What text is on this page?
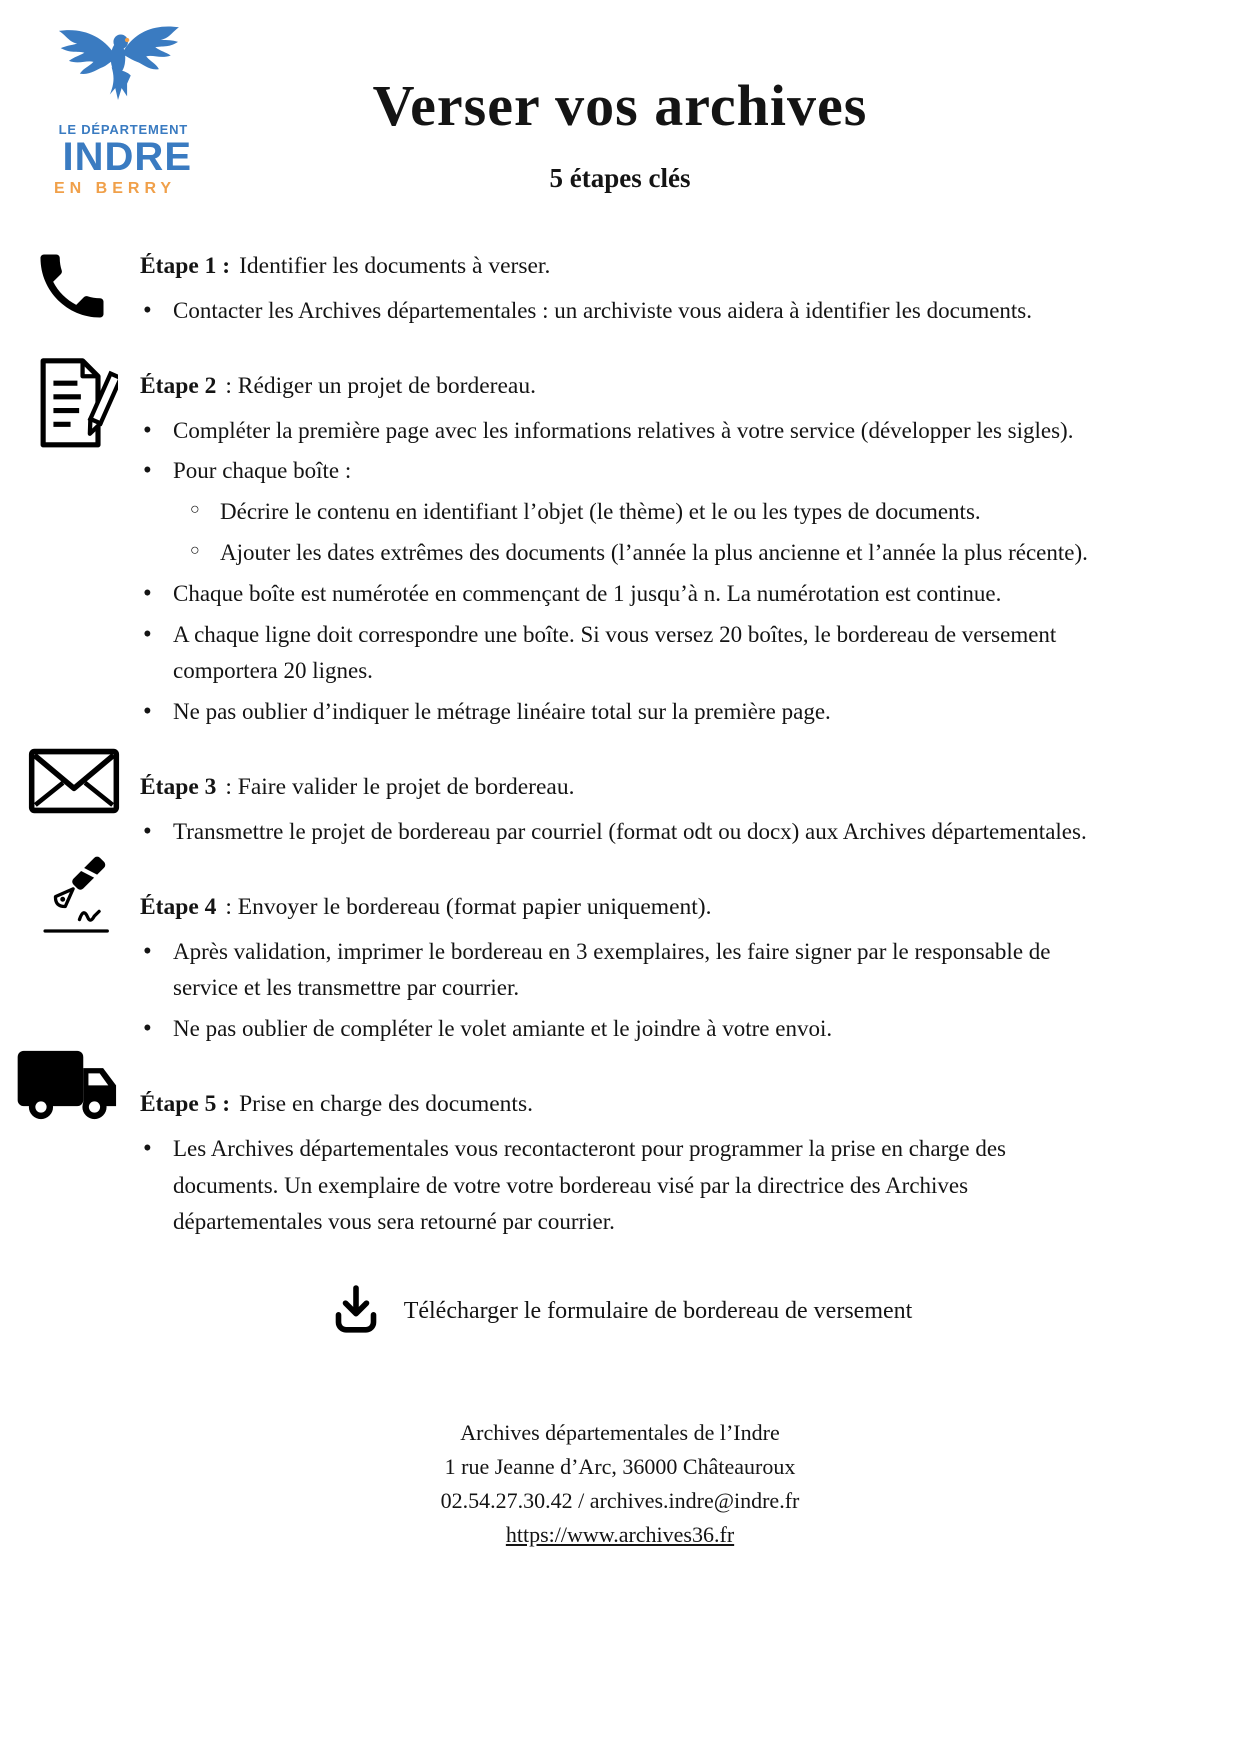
LE DÉPARTEMENT
INDRE
EN BERRY
Verser vos archives
5 étapes clés
Étape 1 : Identifier les documents à verser.
• Contacter les Archives départementales : un archiviste vous aidera à identifier les documents.
Étape 2 : Rédiger un projet de bordereau.
• Compléter la première page avec les informations relatives à votre service (développer les sigles).
• Pour chaque boîte :
○ Décrire le contenu en identifiant l’objet (le thème) et le ou les types de documents.
○ Ajouter les dates extrêmes des documents (l’année la plus ancienne et l’année la plus récente).
• Chaque boîte est numérotée en commençant de 1 jusqu’à n. La numérotation est continue.
• A chaque ligne doit correspondre une boîte. Si vous versez 20 boîtes, le bordereau de versement comportera 20 lignes.
• Ne pas oublier d’indiquer le métrage linéaire total sur la première page.
Étape 3 : Faire valider le projet de bordereau.
• Transmettre le projet de bordereau par courriel (format odt ou docx) aux Archives départementales.
Étape 4 : Envoyer le bordereau (format papier uniquement).
• Après validation, imprimer le bordereau en 3 exemplaires, les faire signer par le responsable de service et les transmettre par courrier.
• Ne pas oublier de compléter le volet amiante et le joindre à votre envoi.
Étape 5 : Prise en charge des documents.
• Les Archives départementales vous recontacteront pour programmer la prise en charge des documents. Un exemplaire de votre votre bordereau visé par la directrice des Archives départementales vous sera retourné par courrier.
Télécharger le formulaire de bordereau de versement
Archives départementales de l’Indre
1 rue Jeanne d’Arc, 36000 Châteauroux
02.54.27.30.42 / archives.indre@indre.fr
https://www.archives36.fr
